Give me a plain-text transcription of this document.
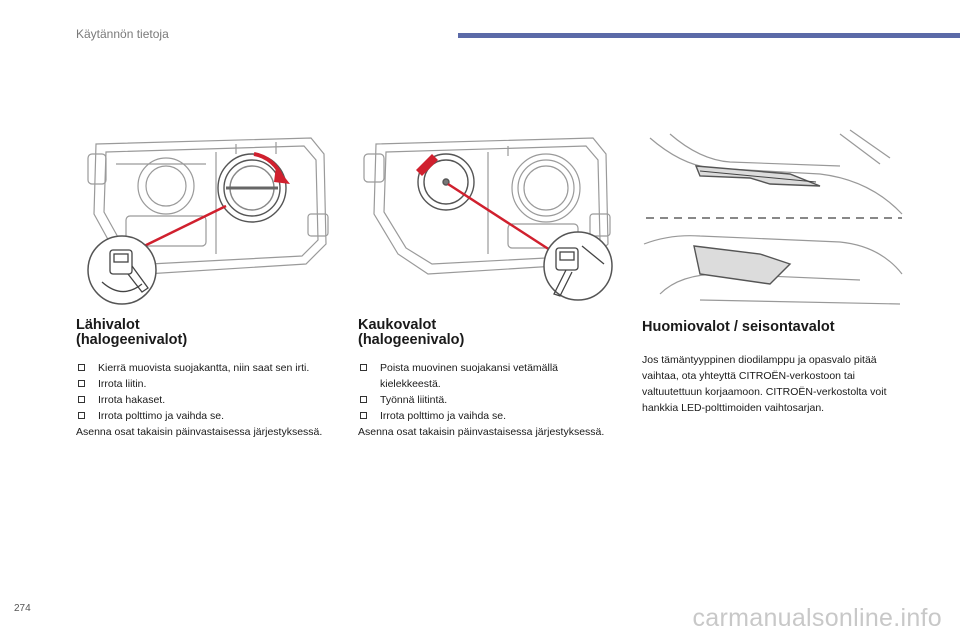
Käytännön tietoja
Lähivalot
(halogeenivalot)
Kierrä muovista suojakantta, niin saat sen irti.
Irrota liitin.
Irrota hakaset.
Irrota polttimo ja vaihda se.

Asenna osat takaisin päinvastaisessa järjestyksessä.

Kaukovalot
(halogeenivalo)
Poista muovinen suojakansi vetämällä kielekkeestä.
Työnnä liitintä.
Irrota polttimo ja vaihda se.

Asenna osat takaisin päinvastaisessa järjestyksessä.

Huomiovalot / seisontavalot

Jos tämäntyyppinen diodilamppu ja opasvalo pitää vaihtaa, ota yhteyttä CITROËN-verkostoon tai valtuutettuun korjaamoon. CITROËN-verkostolta voit hankkia LED-polttimoiden vaihtosarjan.

274	carmanualsonline.info
